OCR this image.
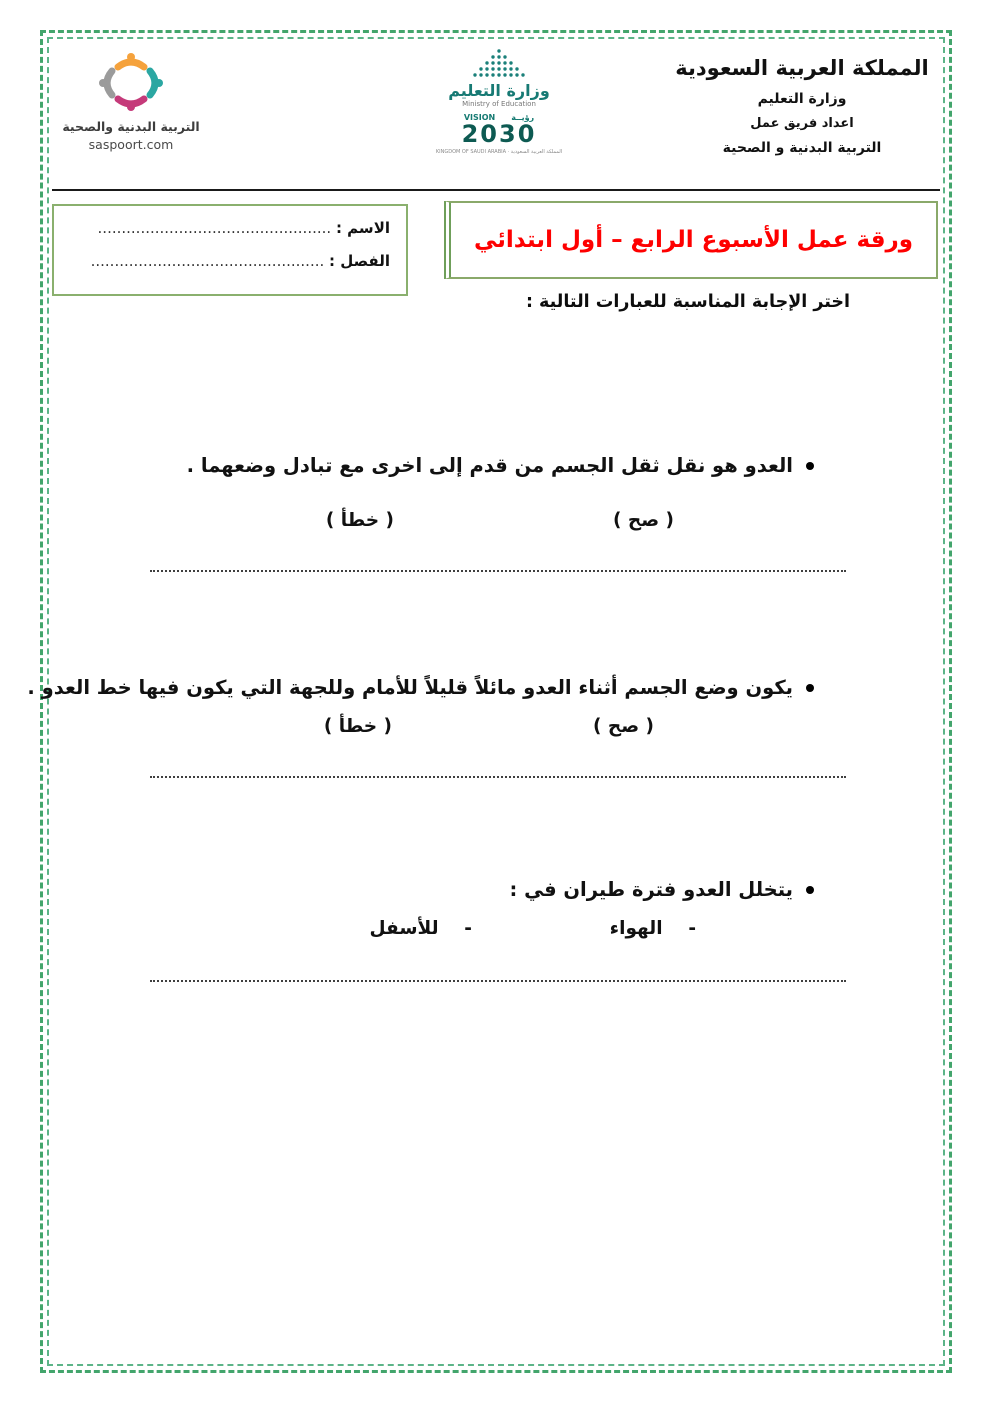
المملكة العربية السعودية
وزارة التعليم
اعداد فريق عمل
التربية البدنية و الصحية
وزارة التعليم
Ministry of Education
VISION رؤيــة
2030
المملكة العربية السعودية · KINGDOM OF SAUDI ARABIA
التربية البدنية والصحية
saspoort.com
الاسم : .................................................
الفصل : .................................................
ورقة عمل الأسبوع الرابع – أول ابتدائي
اختر الإجابة المناسبة للعبارات التالية :
العدو هو نقل ثقل الجسم من قدم إلى اخرى مع تبادل وضعهما .
( صح )
( خطأ )
يكون وضع الجسم أثناء العدو مائلاً قليلاً للأمام وللجهة التي يكون فيها خط العدو .
( صح )
( خطأ )
يتخلل العدو فترة طيران في :
-    الهواء
-    للأسفل
